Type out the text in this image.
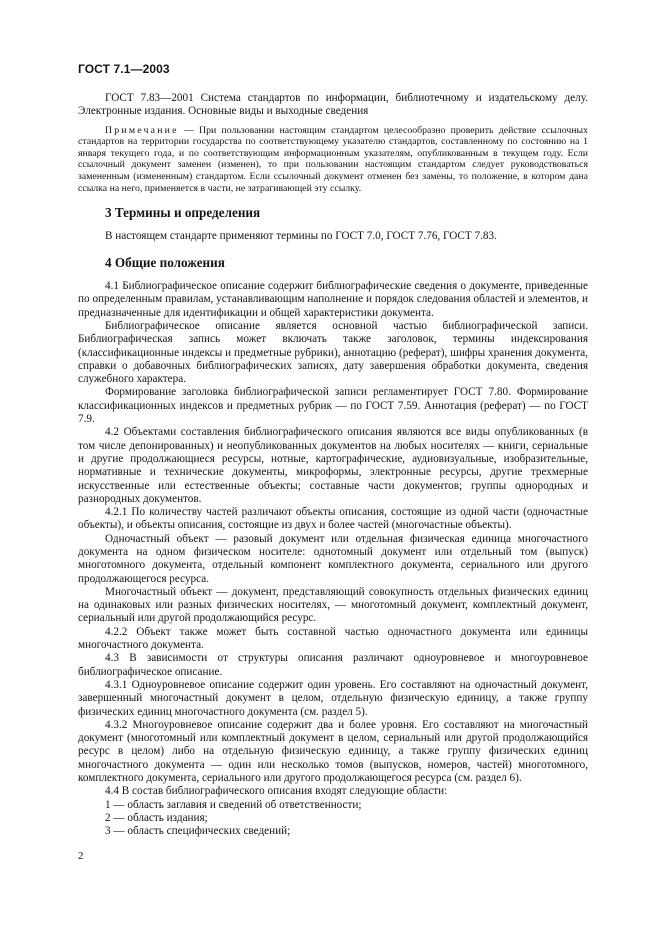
ГОСТ 7.1—2003

ГОСТ 7.83—2001 Система стандартов по информации, библиотечному и издательскому делу. Электронные издания. Основные виды и выходные сведения

Примечание — При пользовании настоящим стандартом целесообразно проверить действие ссылочных стандартов на территории государства по соответствующему указателю стандартов, составленному по состоянию на 1 января текущего года, и по соответствующим информационным указателям, опубликованным в текущем году. Если ссылочный документ заменен (изменен), то при пользовании настоящим стандартом следует руководствоваться замененным (измененным) стандартом. Если ссылочный документ отменен без замены, то положение, в котором дана ссылка на него, применяется в части, не затрагивающей эту ссылку.

3 Термины и определения

В настоящем стандарте применяют термины по ГОСТ 7.0, ГОСТ 7.76, ГОСТ 7.83.

4 Общие положения

4.1 Библиографическое описание содержит библиографические сведения о документе, приведенные по определенным правилам, устанавливающим наполнение и порядок следования областей и элементов, и предназначенные для идентификации и общей характеристики документа.

Библиографическое описание является основной частью библиографической записи. Библиографическая запись может включать также заголовок, термины индексирования (классификационные индексы и предметные рубрики), аннотацию (реферат), шифры хранения документа, справки о добавочных библиографических записях, дату завершения обработки документа, сведения служебного характера.

Формирование заголовка библиографической записи регламентирует ГОСТ 7.80. Формирование классификационных индексов и предметных рубрик — по ГОСТ 7.59. Аннотация (реферат) — по ГОСТ 7.9.

4.2 Объектами составления библиографического описания являются все виды опубликованных (в том числе депонированных) и неопубликованных документов на любых носителях — книги, сериальные и другие продолжающиеся ресурсы, нотные, картографические, аудиовизуальные, изобразительные, нормативные и технические документы, микроформы, электронные ресурсы, другие трехмерные искусственные или естественные объекты; составные части документов; группы однородных и разнородных документов.

4.2.1 По количеству частей различают объекты описания, состоящие из одной части (одночастные объекты), и объекты описания, состоящие из двух и более частей (многочастные объекты).

Одночастный объект — разовый документ или отдельная физическая единица многочастного документа на одном физическом носителе: однотомный документ или отдельный том (выпуск) многотомного документа, отдельный компонент комплектного документа, сериального или другого продолжающегося ресурса.

Многочастный объект — документ, представляющий совокупность отдельных физических единиц на одинаковых или разных физических носителях, — многотомный документ, комплектный документ, сериальный или другой продолжающийся ресурс.

4.2.2 Объект также может быть составной частью одночастного документа или единицы многочастного документа.

4.3 В зависимости от структуры описания различают одноуровневое и многоуровневое библиографическое описание.

4.3.1 Одноуровневое описание содержит один уровень. Его составляют на одночастный документ, завершенный многочастный документ в целом, отдельную физическую единицу, а также группу физических единиц многочастного документа (см. раздел 5).

4.3.2 Многоуровневое описание содержит два и более уровня. Его составляют на многочастный документ (многотомный или комплектный документ в целом, сериальный или другой продолжающийся ресурс в целом) либо на отдельную физическую единицу, а также группу физических единиц многочастного документа — один или несколько томов (выпусков, номеров, частей) многотомного, комплектного документа, сериального или другого продолжающегося ресурса (см. раздел 6).

4.4 В состав библиографического описания входят следующие области:

1 — область заглавия и сведений об ответственности;

2 — область издания;

3 — область специфических сведений;

2
